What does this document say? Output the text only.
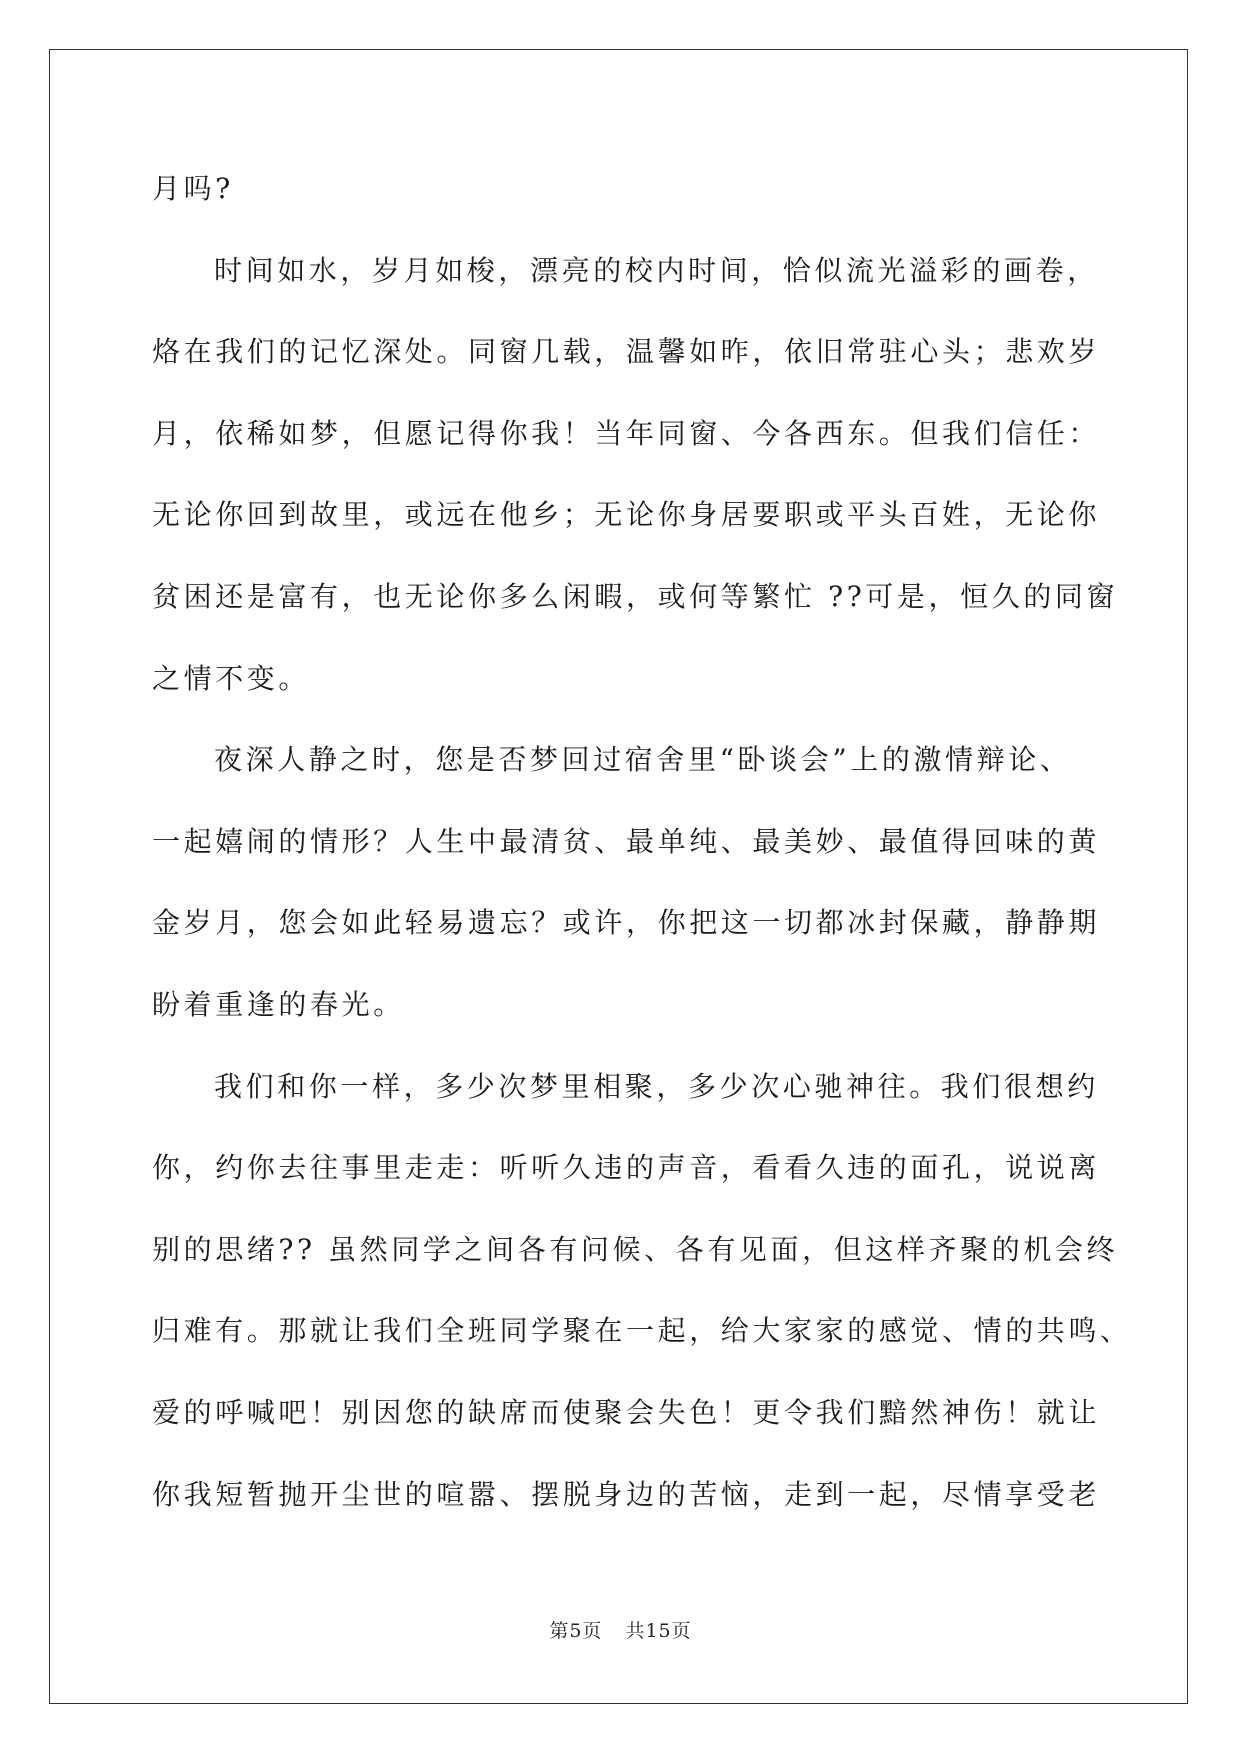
月吗?
时间如水，岁月如梭，漂亮的校内时间，恰似流光溢彩的画卷，
烙在我们的记忆深处。同窗几载，温馨如昨，依旧常驻心头；悲欢岁
月，依稀如梦，但愿记得你我！当年同窗、今各西东。但我们信任：
无论你回到故里，或远在他乡；无论你身居要职或平头百姓，无论你
贫困还是富有，也无论你多么闲暇，或何等繁忙 ??可是，恒久的同窗
之情不变。
夜深人静之时，您是否梦回过宿舍里“卧谈会”上的激情辩论、
一起嬉闹的情形？人生中最清贫、最单纯、最美妙、最值得回味的黄
金岁月，您会如此轻易遗忘？或许，你把这一切都冰封保藏，静静期
盼着重逢的春光。
我们和你一样，多少次梦里相聚，多少次心驰神往。我们很想约
你，约你去往事里走走：听听久违的声音，看看久违的面孔，说说离
别的思绪?? 虽然同学之间各有问候、各有见面，但这样齐聚的机会终
归难有。那就让我们全班同学聚在一起，给大家家的感觉、情的共鸣、
爱的呼喊吧！别因您的缺席而使聚会失色！更令我们黯然神伤！就让
你我短暂抛开尘世的喧嚣、摆脱身边的苦恼，走到一起，尽情享受老
第5页 共15页
